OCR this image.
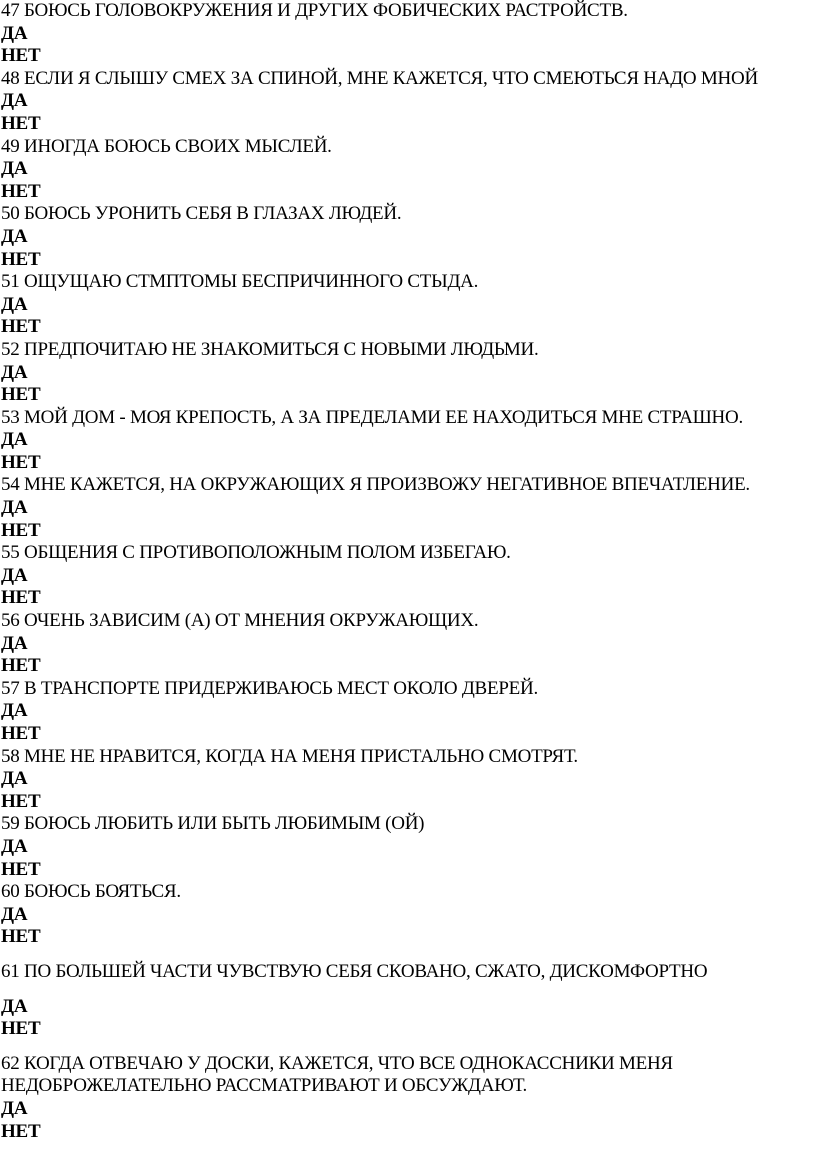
47 БОЮСЬ ГОЛОВОКРУЖЕНИЯ И ДРУГИХ ФОБИЧЕСКИХ РАСТРОЙСТВ.
ДА
НЕТ
48 ЕСЛИ Я СЛЫШУ СМЕХ ЗА СПИНОЙ, МНЕ КАЖЕТСЯ, ЧТО СМЕЮТЬСЯ НАДО МНОЙ
ДА
НЕТ
49 ИНОГДА БОЮСЬ СВОИХ МЫСЛЕЙ.
ДА
НЕТ
50 БОЮСЬ УРОНИТЬ СЕБЯ В ГЛАЗАХ ЛЮДЕЙ.
ДА
НЕТ
51 ОЩУЩАЮ СТМПТОМЫ БЕСПРИЧИННОГО СТЫДА.
ДА
НЕТ
52 ПРЕДПОЧИТАЮ НЕ ЗНАКОМИТЬСЯ С НОВЫМИ ЛЮДЬМИ.
ДА
НЕТ
53 МОЙ ДОМ - МОЯ КРЕПОСТЬ, А ЗА ПРЕДЕЛАМИ ЕЕ НАХОДИТЬСЯ МНЕ СТРАШНО.
ДА
НЕТ
54 МНЕ КАЖЕТСЯ, НА ОКРУЖАЮЩИХ Я ПРОИЗВОЖУ НЕГАТИВНОЕ ВПЕЧАТЛЕНИЕ.
ДА
НЕТ
55 ОБЩЕНИЯ С ПРОТИВОПОЛОЖНЫМ ПОЛОМ ИЗБЕГАЮ.
ДА
НЕТ
56 ОЧЕНЬ ЗАВИСИМ (А) ОТ МНЕНИЯ ОКРУЖАЮЩИХ.
ДА
НЕТ
57 В ТРАНСПОРТЕ ПРИДЕРЖИВАЮСЬ МЕСТ ОКОЛО ДВЕРЕЙ.
ДА
НЕТ
58 МНЕ НЕ НРАВИТСЯ, КОГДА НА МЕНЯ ПРИСТАЛЬНО СМОТРЯТ.
ДА
НЕТ
59 БОЮСЬ ЛЮБИТЬ ИЛИ БЫТЬ ЛЮБИМЫМ (ОЙ)
ДА
НЕТ
60 БОЮСЬ БОЯТЬСЯ.
ДА
НЕТ
61 ПО БОЛЬШЕЙ ЧАСТИ ЧУВСТВУЮ СЕБЯ СКОВАНО, СЖАТО, ДИСКОМФОРТНО
ДА
НЕТ
62 КОГДА ОТВЕЧАЮ У ДОСКИ, КАЖЕТСЯ, ЧТО ВСЕ ОДНОКАССНИКИ МЕНЯ
НЕДОБРОЖЕЛАТЕЛЬНО РАССМАТРИВАЮТ И ОБСУЖДАЮТ.
ДА
НЕТ
